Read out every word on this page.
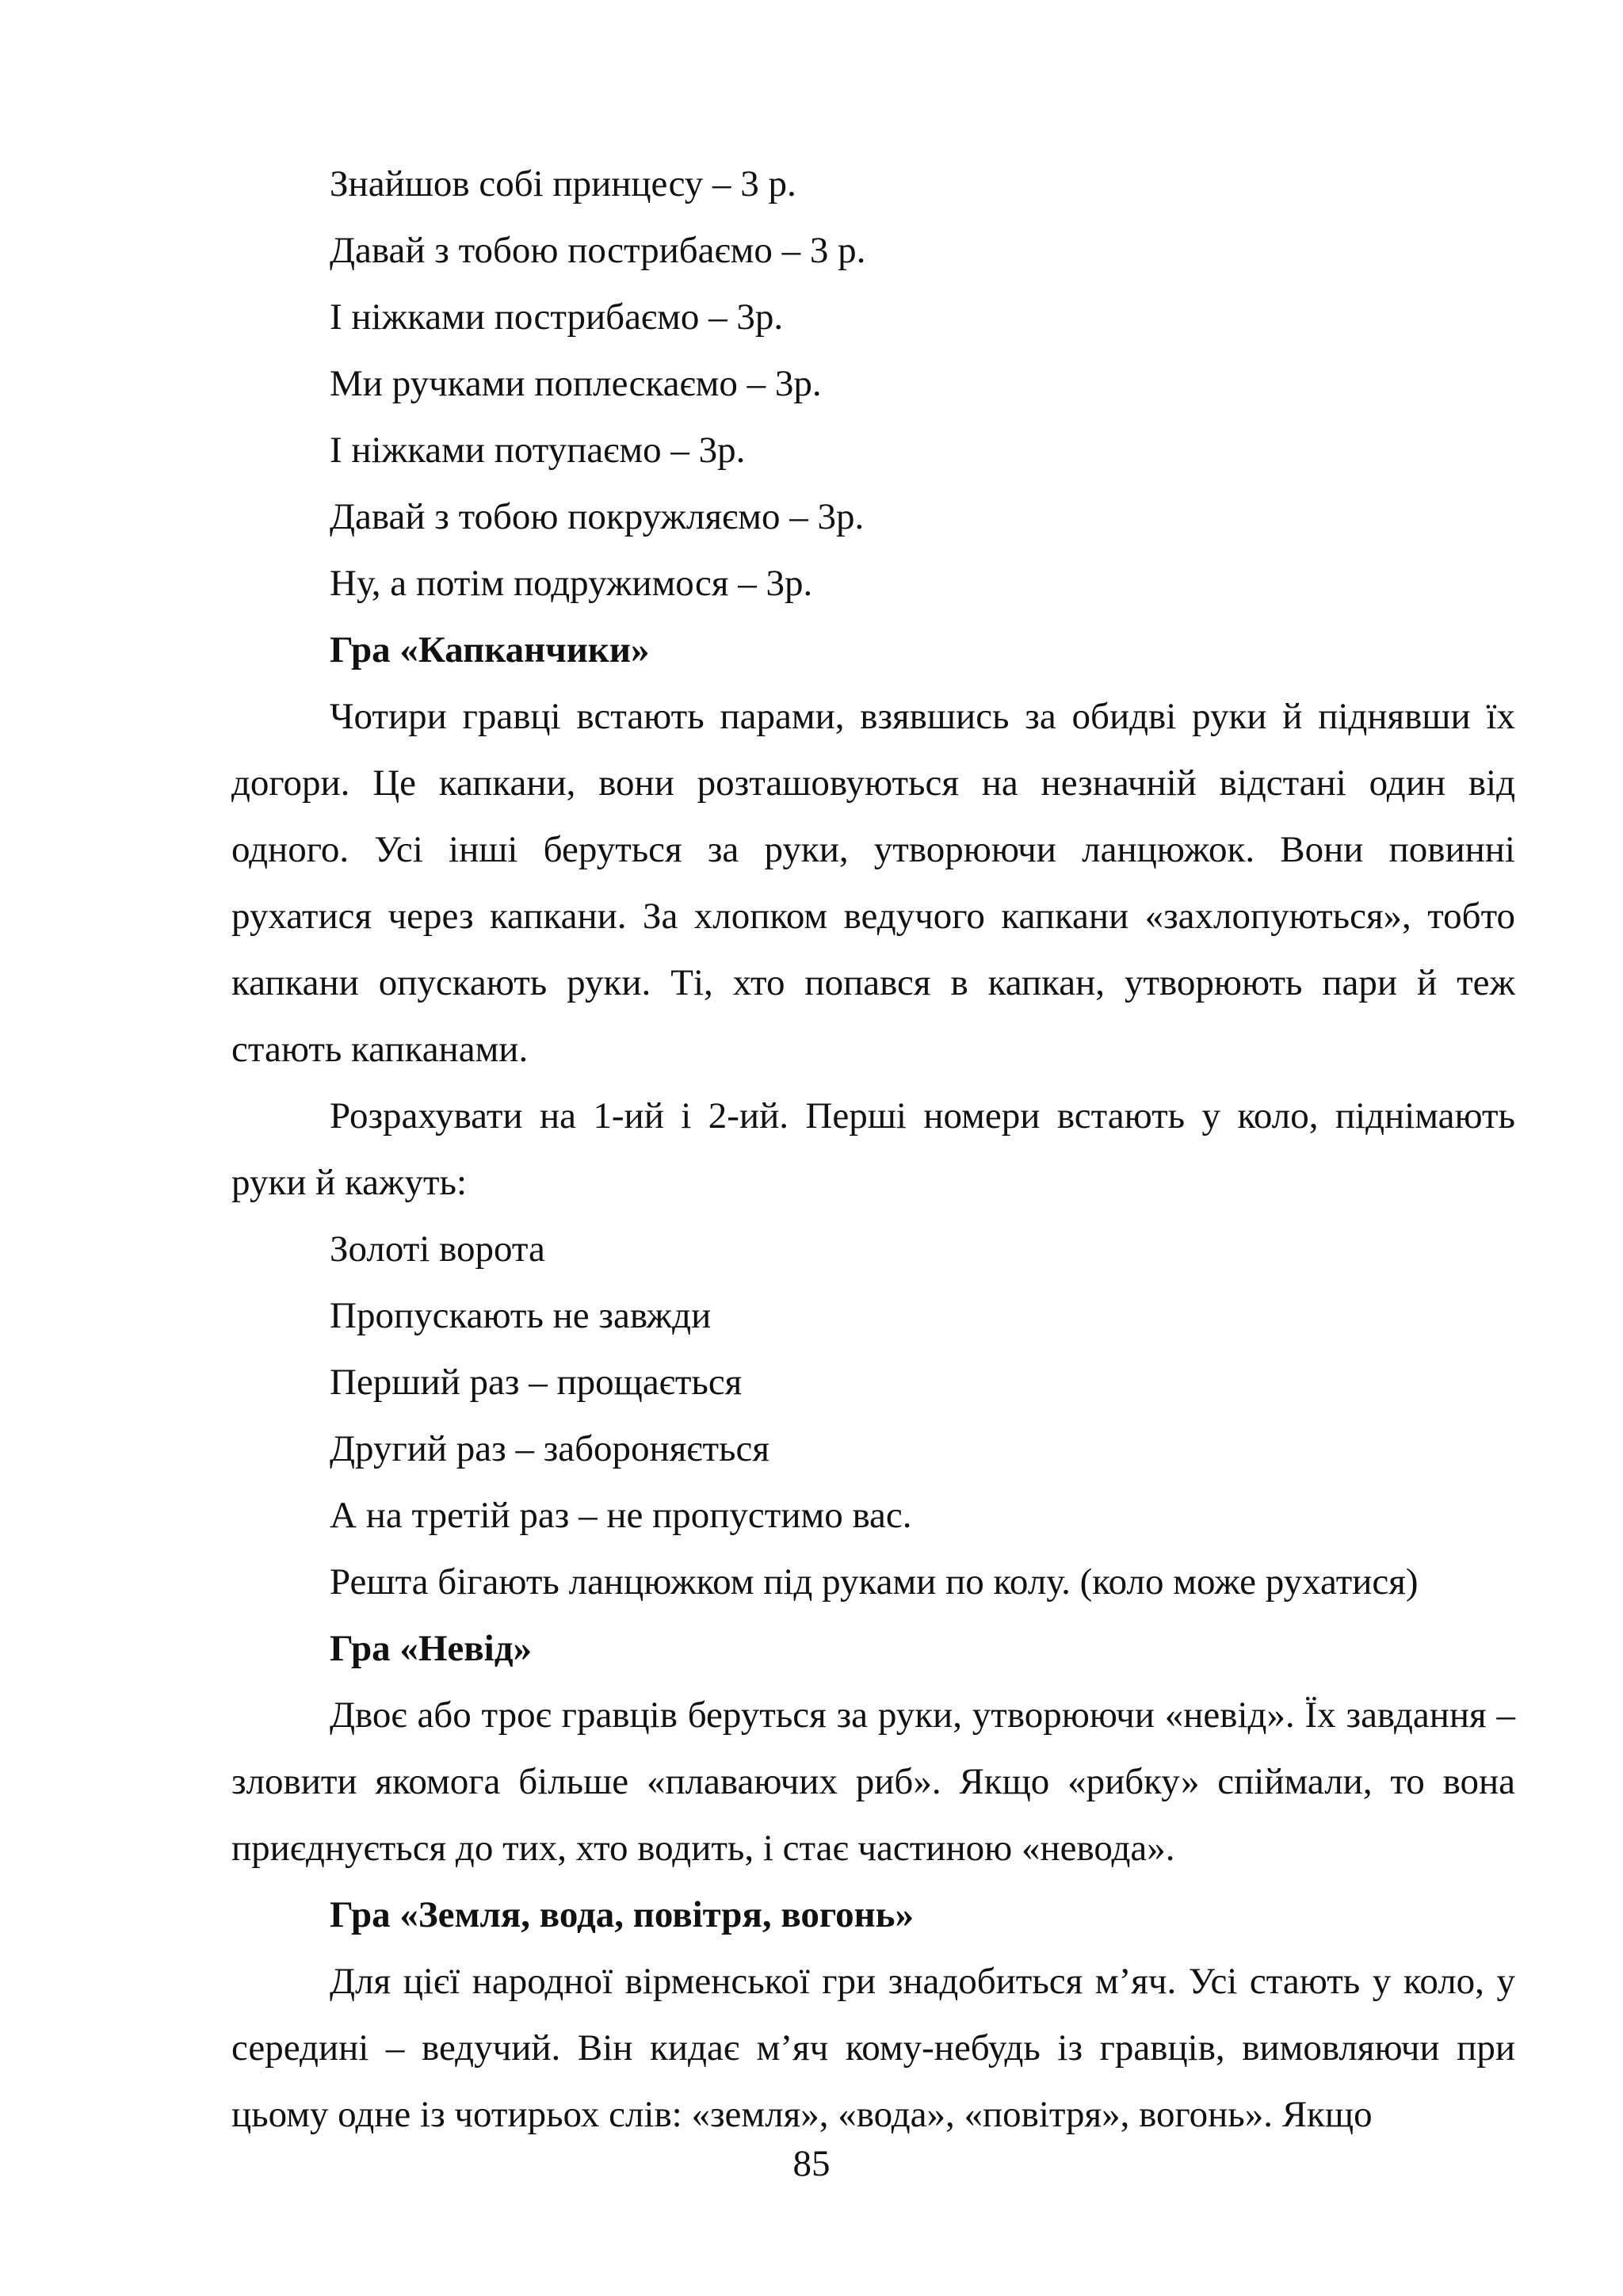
Знайшов собі принцесу – 3 р.

Давай з тобою пострибаємо – 3 р.

І ніжками пострибаємо – 3р.

Ми ручками поплескаємо – 3р.

І ніжками потупаємо – 3р.

Давай з тобою покружляємо – 3р.

Ну, а потім подружимося – 3р.

Гра «Капканчики»

Чотири гравці встають парами, взявшись за обидві руки й піднявши їх догори. Це капкани, вони розташовуються на незначній відстані один від одного. Усі інші беруться за руки, утворюючи ланцюжок. Вони повинні рухатися через капкани. За хлопком ведучого капкани «захлопуються», тобто капкани опускають руки. Ті, хто попався в капкан, утворюють пари й теж стають капканами.

Розрахувати на 1-ий і 2-ий. Перші номери встають у коло, піднімають руки й кажуть:

Золоті ворота

Пропускають не завжди

Перший раз – прощається

Другий раз – забороняється

А на третій раз – не пропустимо вас.

Решта бігають ланцюжком під руками по колу. (коло може рухатися)

Гра «Невід»

Двоє або троє гравців беруться за руки, утворюючи «невід». Їх завдання – зловити якомога більше «плаваючих риб». Якщо «рибку» спіймали, то вона приєднується до тих, хто водить, і стає частиною «невода».

Гра «Земля, вода, повітря, вогонь»

Для цієї народної вірменської гри знадобиться м’яч. Усі стають у коло, у середині – ведучий. Він кидає м’яч кому-небудь із гравців, вимовляючи при цьому одне із чотирьох слів: «земля», «вода», «повітря», вогонь». Якщо

85
